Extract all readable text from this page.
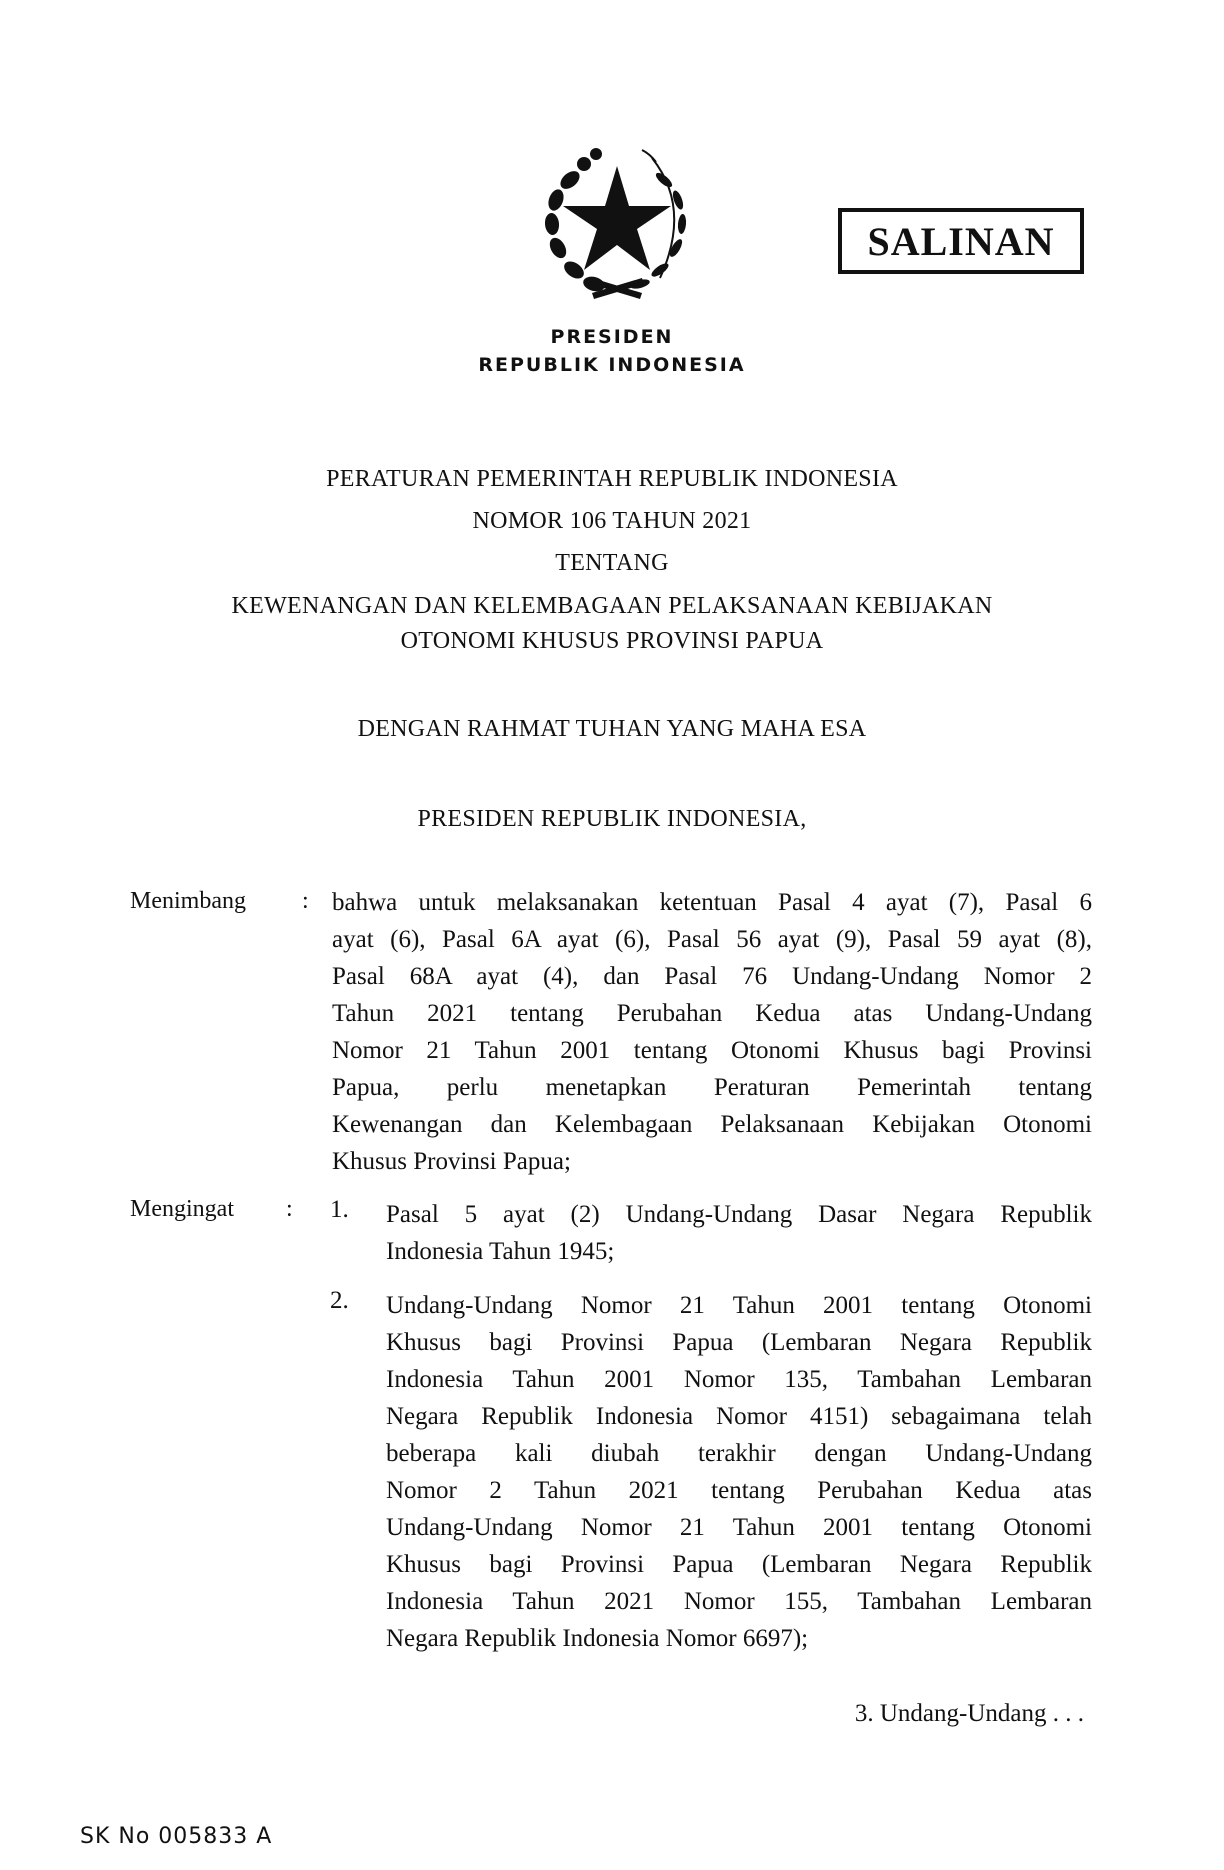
SALINAN
PRESIDEN
REPUBLIK INDONESIA
PERATURAN PEMERINTAH REPUBLIK INDONESIA
NOMOR 106 TAHUN 2021
TENTANG
KEWENANGAN DAN KELEMBAGAAN PELAKSANAAN KEBIJAKAN
OTONOMI KHUSUS PROVINSI PAPUA
DENGAN RAHMAT TUHAN YANG MAHA ESA
PRESIDEN REPUBLIK INDONESIA,
Menimbang : bahwa untuk melaksanakan ketentuan Pasal 4 ayat (7), Pasal 6
ayat (6), Pasal 6A ayat (6), Pasal 56 ayat (9), Pasal 59 ayat (8),
Pasal 68A ayat (4), dan Pasal 76 Undang-Undang Nomor 2
Tahun 2021 tentang Perubahan Kedua atas Undang-Undang
Nomor 21 Tahun 2001 tentang Otonomi Khusus bagi Provinsi
Papua, perlu menetapkan Peraturan Pemerintah tentang
Kewenangan dan Kelembagaan Pelaksanaan Kebijakan Otonomi
Khusus Provinsi Papua;
Mengingat : 1. Pasal 5 ayat (2) Undang-Undang Dasar Negara Republik
Indonesia Tahun 1945;
2. Undang-Undang Nomor 21 Tahun 2001 tentang Otonomi
Khusus bagi Provinsi Papua (Lembaran Negara Republik
Indonesia Tahun 2001 Nomor 135, Tambahan Lembaran
Negara Republik Indonesia Nomor 4151) sebagaimana telah
beberapa kali diubah terakhir dengan Undang-Undang
Nomor 2 Tahun 2021 tentang Perubahan Kedua atas
Undang-Undang Nomor 21 Tahun 2001 tentang Otonomi
Khusus bagi Provinsi Papua (Lembaran Negara Republik
Indonesia Tahun 2021 Nomor 155, Tambahan Lembaran
Negara Republik Indonesia Nomor 6697);
3. Undang-Undang . . .
SK No 005833 A
